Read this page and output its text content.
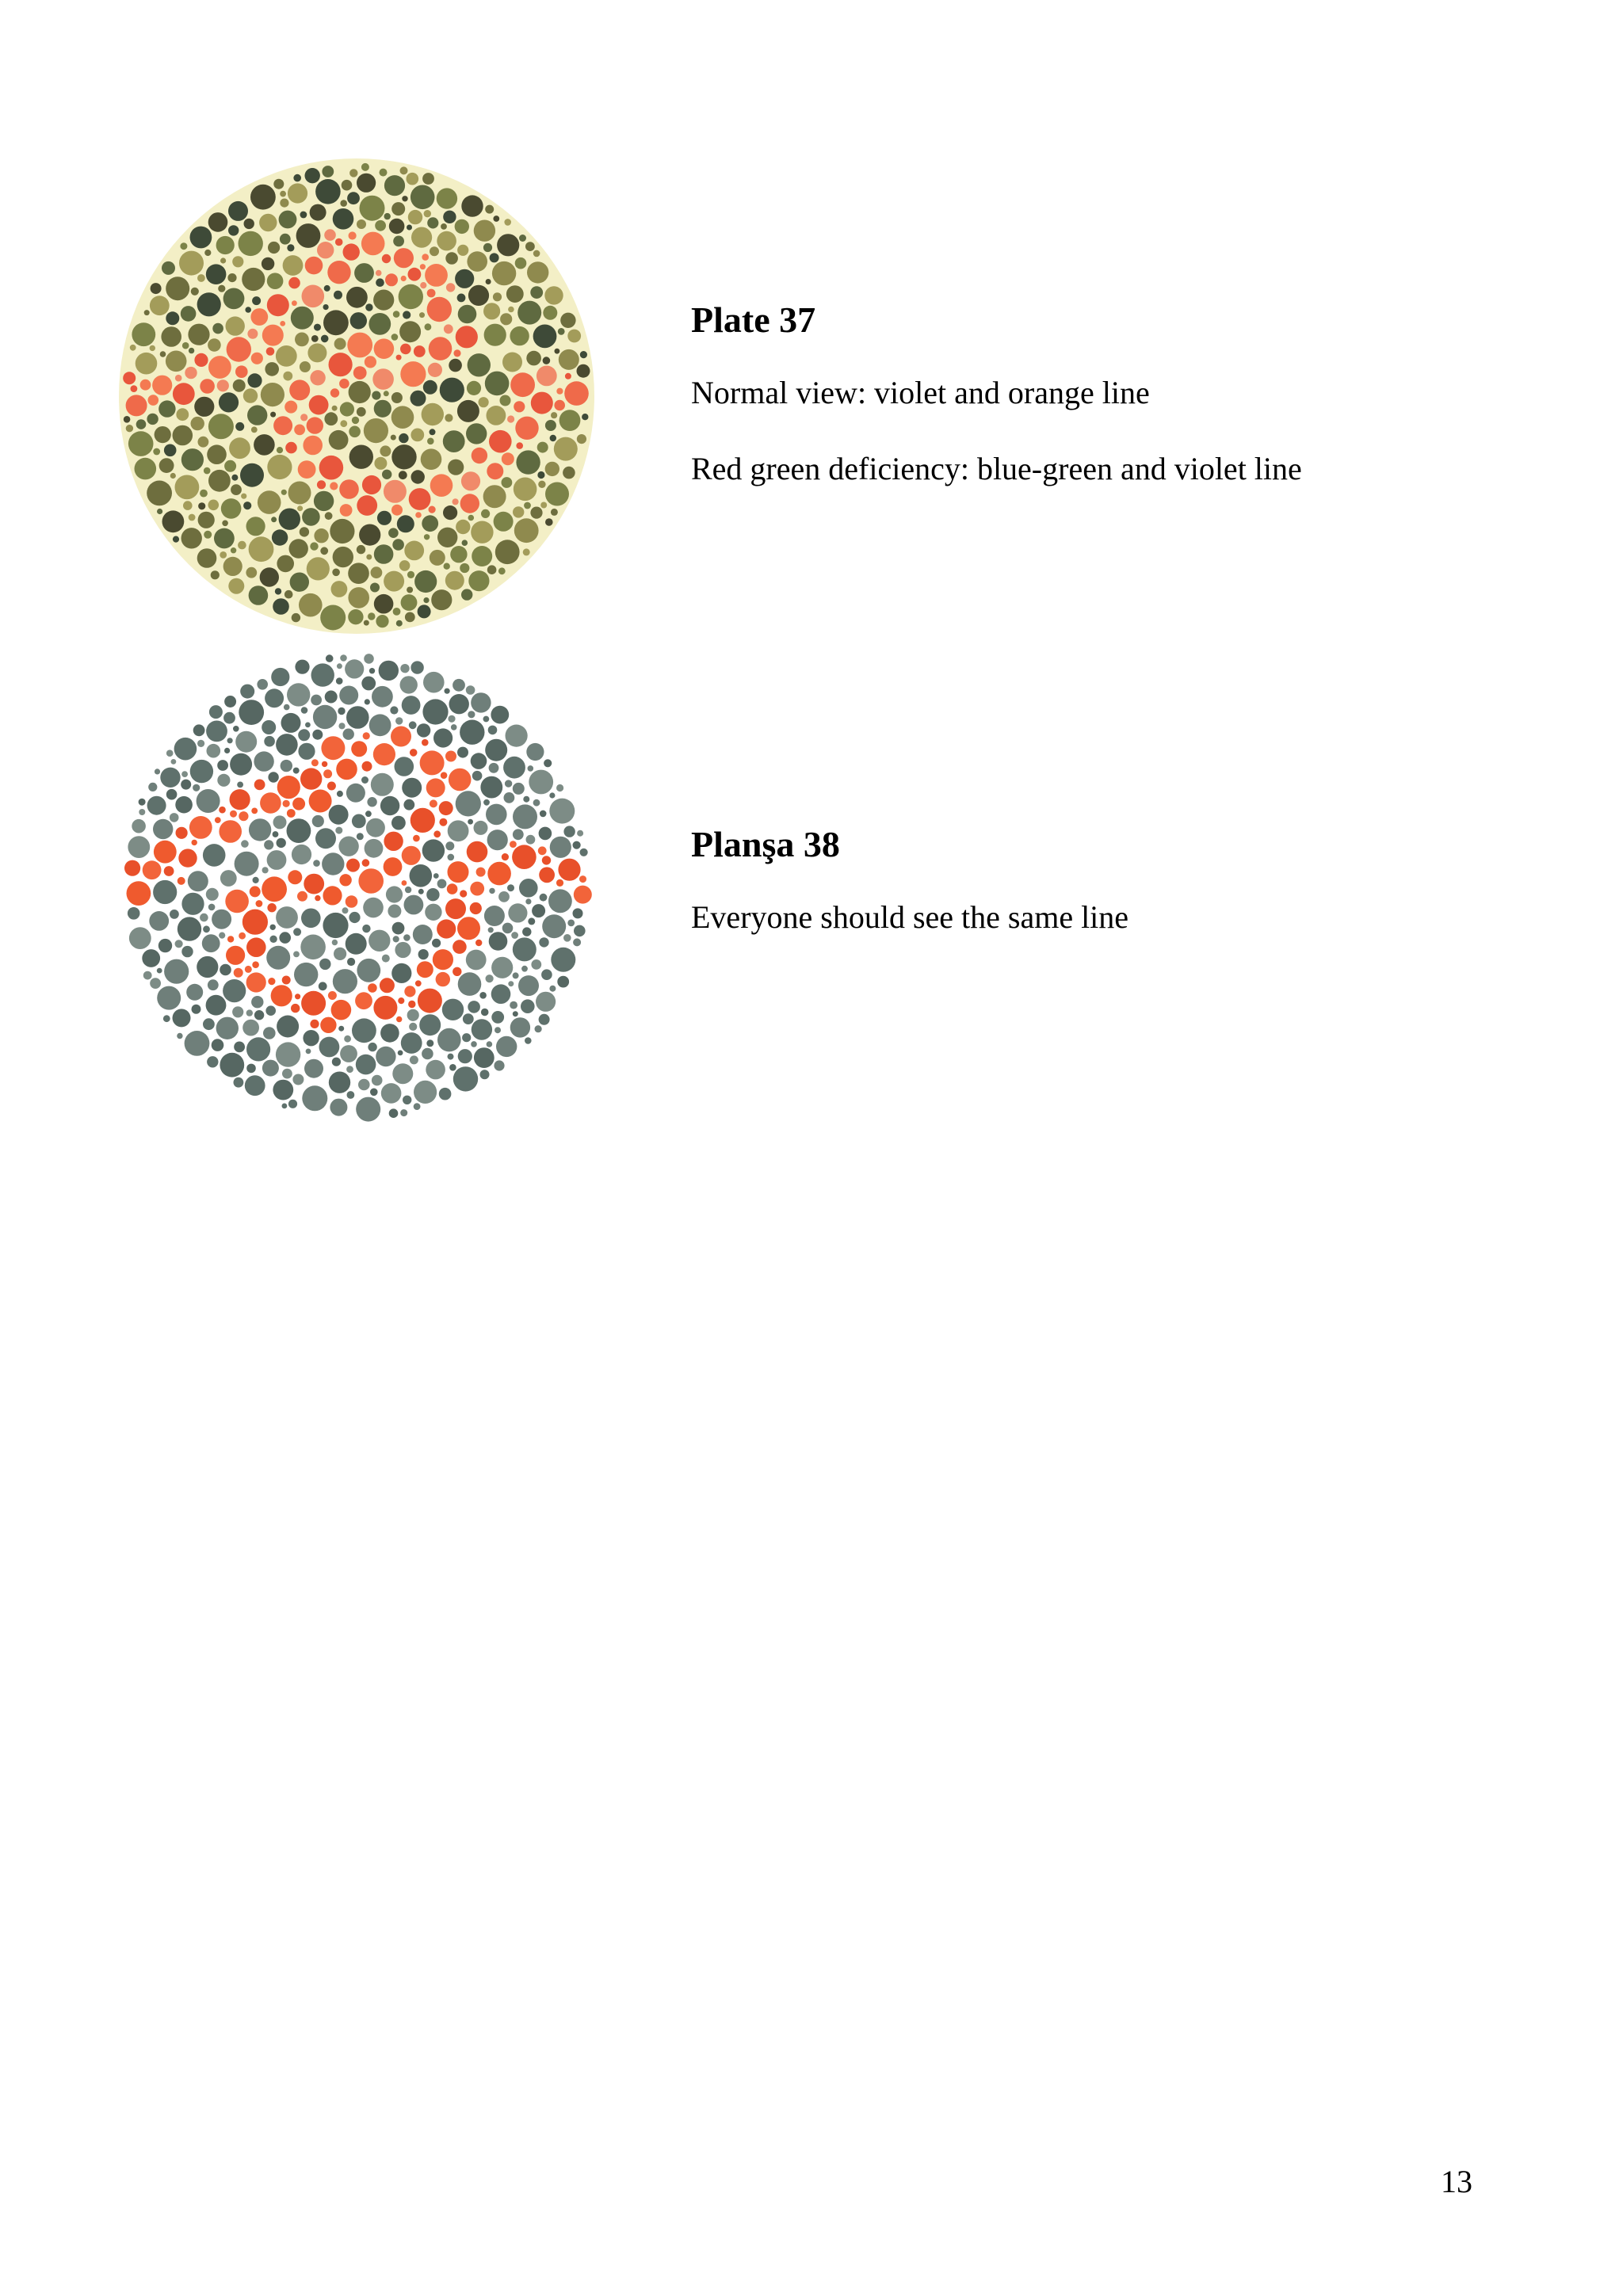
Plate 37
Normal view: violet and orange line
Red green deficiency: blue-green and violet line
Planşa 38
Everyone should see the same line
13
